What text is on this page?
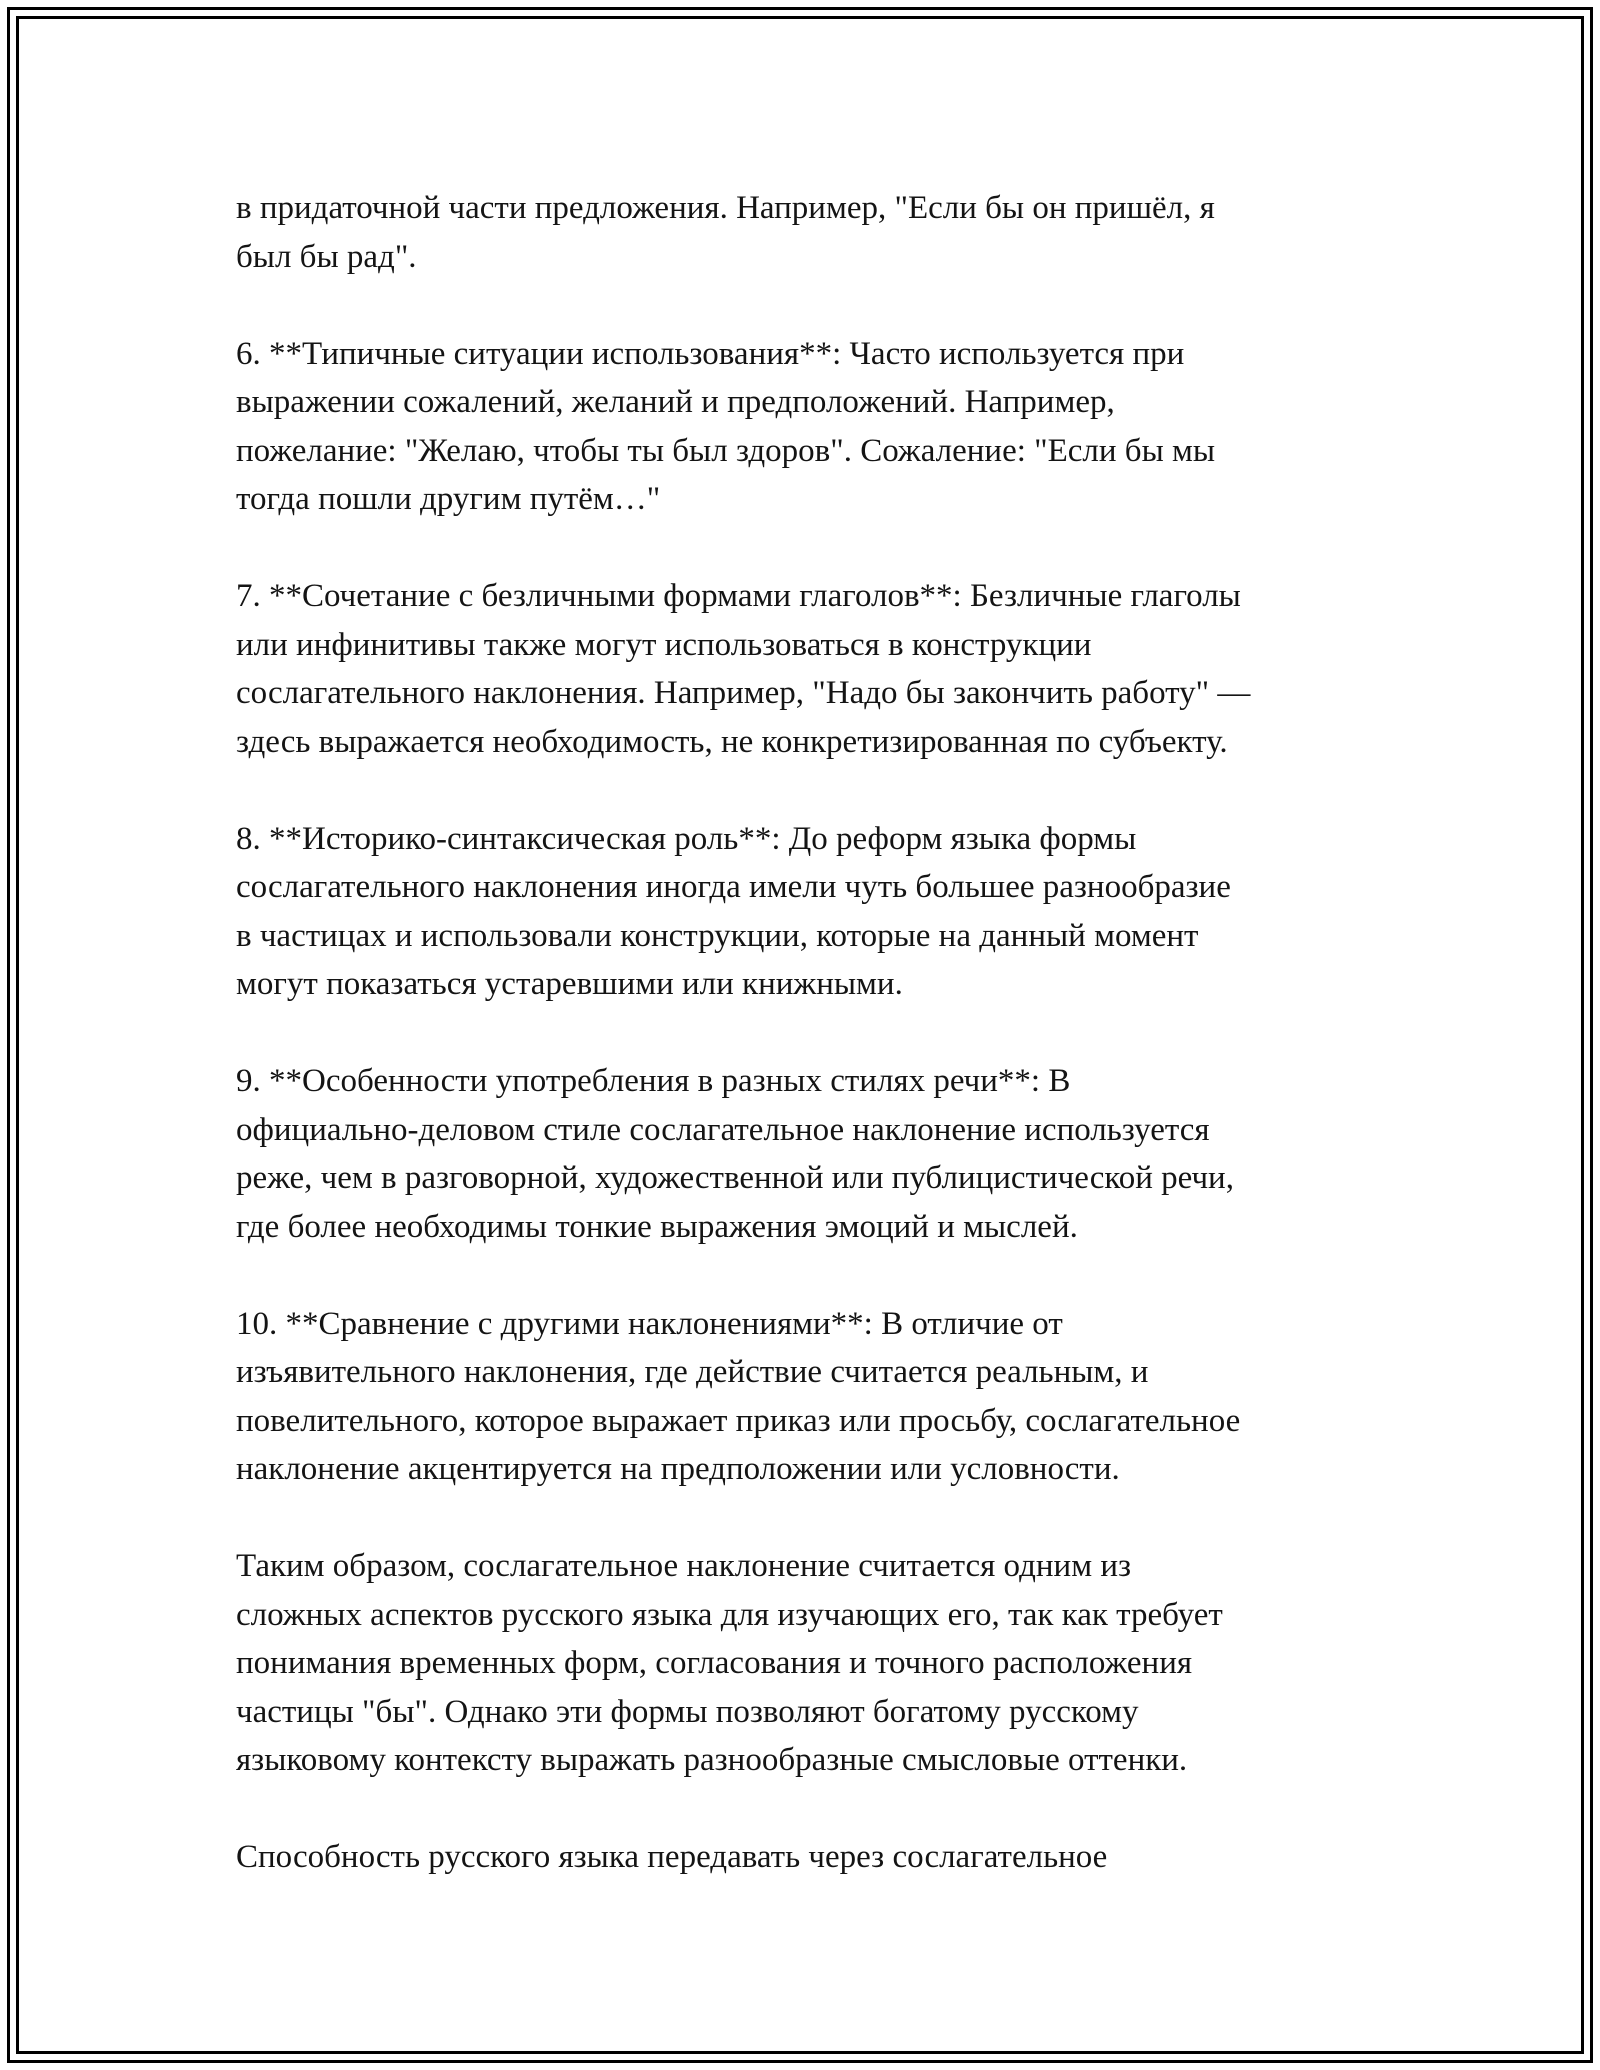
в придаточной части предложения. Например, "Если бы он пришёл, я
был бы рад".

6. **Типичные ситуации использования**: Часто используется при
выражении сожалений, желаний и предположений. Например,
пожелание: "Желаю, чтобы ты был здоров". Сожаление: "Если бы мы
тогда пошли другим путём…"

7. **Сочетание с безличными формами глаголов**: Безличные глаголы
или инфинитивы также могут использоваться в конструкции
сослагательного наклонения. Например, "Надо бы закончить работу" —
здесь выражается необходимость, не конкретизированная по субъекту.

8. **Историко-синтаксическая роль**: До реформ языка формы
сослагательного наклонения иногда имели чуть большее разнообразие
в частицах и использовали конструкции, которые на данный момент
могут показаться устаревшими или книжными.

9. **Особенности употребления в разных стилях речи**: В
официально-деловом стиле сослагательное наклонение используется
реже, чем в разговорной, художественной или публицистической речи,
где более необходимы тонкие выражения эмоций и мыслей.

10. **Сравнение с другими наклонениями**: В отличие от
изъявительного наклонения, где действие считается реальным, и
повелительного, которое выражает приказ или просьбу, сослагательное
наклонение акцентируется на предположении или условности.

Таким образом, сослагательное наклонение считается одним из
сложных аспектов русского языка для изучающих его, так как требует
понимания временных форм, согласования и точного расположения
частицы "бы". Однако эти формы позволяют богатому русскому
языковому контексту выражать разнообразные смысловые оттенки.

Способность русского языка передавать через сослагательное
